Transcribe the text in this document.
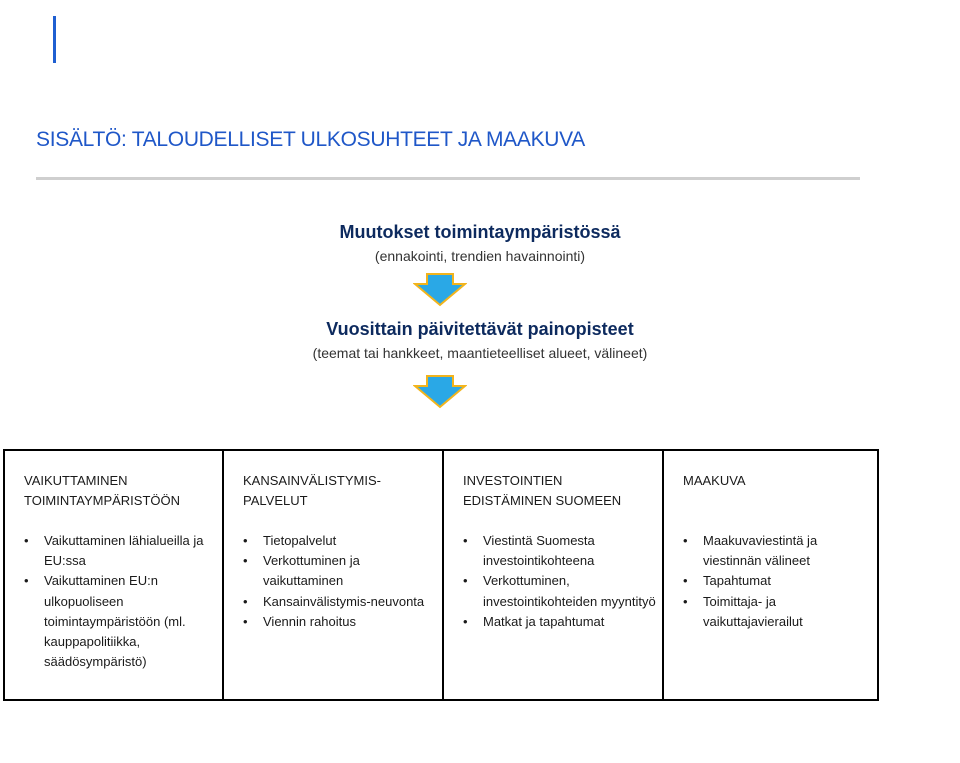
SISÄLTÖ: TALOUDELLISET ULKOSUHTEET JA MAAKUVA
Muutokset toimintaympäristössä
(ennakointi, trendien havainnointi)
Vuosittain päivitettävät painopisteet
(teemat tai hankkeet, maantieteelliset alueet, välineet)
VAIKUTTAMINEN
TOIMINTAYMPÄRISTÖÖN
• Vaikuttaminen lähialueilla ja EU:ssa
• Vaikuttaminen EU:n ulkopuoliseen toimintaympäristöön (ml. kauppapolitiikka, säädösympäristö)
KANSAINVÄLISTYMIS-
PALVELUT
• Tietopalvelut
• Verkottuminen ja vaikuttaminen
• Kansainvälistymis-neuvonta
• Viennin rahoitus
INVESTOINTIEN
EDISTÄMINEN SUOMEEN
• Viestintä Suomesta investointikohteena
• Verkottuminen, investointikohteiden myyntityö
• Matkat ja tapahtumat
MAAKUVA
• Maakuvaviestintä ja viestinnän välineet
• Tapahtumat
• Toimittaja- ja vaikuttajavierailut
